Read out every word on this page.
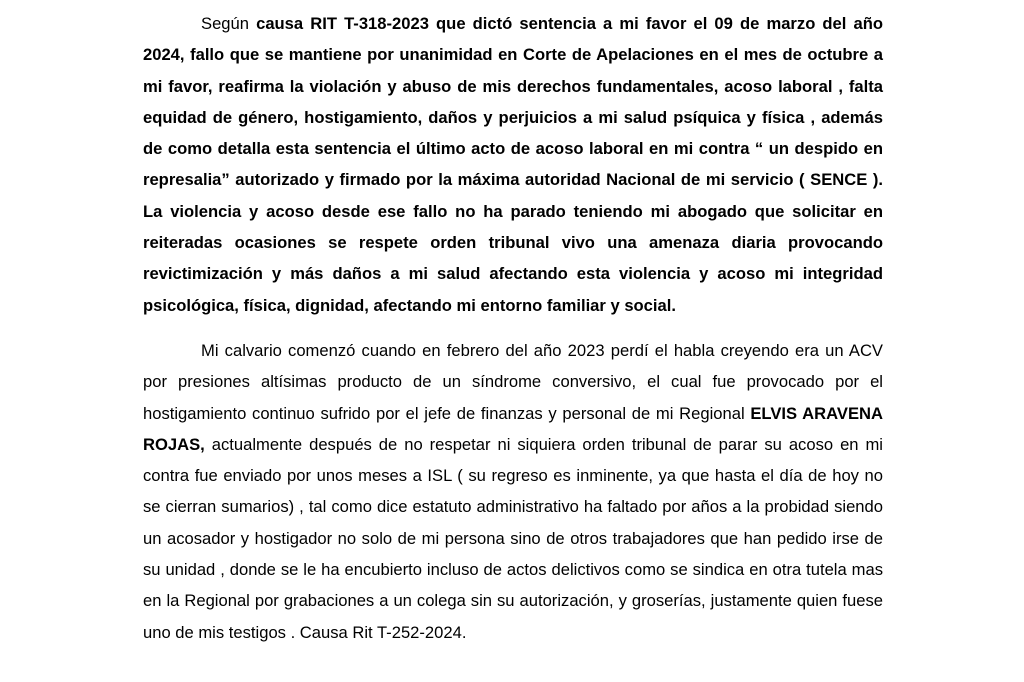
Según causa RIT T-318-2023 que dictó sentencia a mi favor el 09 de marzo del año 2024, fallo que se mantiene por unanimidad en Corte de Apelaciones en el mes de octubre a mi favor, reafirma la violación y abuso de mis derechos fundamentales, acoso laboral , falta equidad de género, hostigamiento, daños y perjuicios a mi salud psíquica y física , además de como detalla esta sentencia el último acto de acoso laboral en mi contra “ un despido en represalia” autorizado y firmado por la máxima autoridad Nacional de mi servicio ( SENCE ). La violencia y acoso desde ese fallo no ha parado teniendo mi abogado que solicitar en reiteradas ocasiones se respete orden tribunal vivo una amenaza diaria provocando revictimización y más daños a mi salud afectando esta violencia y acoso mi integridad psicológica, física, dignidad, afectando mi entorno familiar y social.

Mi calvario comenzó cuando en febrero del año 2023 perdí el habla creyendo era un ACV por presiones altísimas producto de un síndrome conversivo, el cual fue provocado por el hostigamiento continuo sufrido por el jefe de finanzas y personal de mi Regional ELVIS ARAVENA ROJAS, actualmente después de no respetar ni siquiera orden tribunal de parar su acoso en mi contra fue enviado por unos meses a ISL ( su regreso es inminente, ya que hasta el día de hoy no se cierran sumarios) , tal como dice estatuto administrativo ha faltado por años a la probidad siendo un acosador y hostigador no solo de mi persona sino de otros trabajadores que han pedido irse de su unidad , donde se le ha encubierto incluso de actos delictivos como se sindica en otra tutela mas en la Regional por grabaciones a un colega sin su autorización, y groserías, justamente quien fuese uno de mis testigos . Causa Rit T-252-2024.
